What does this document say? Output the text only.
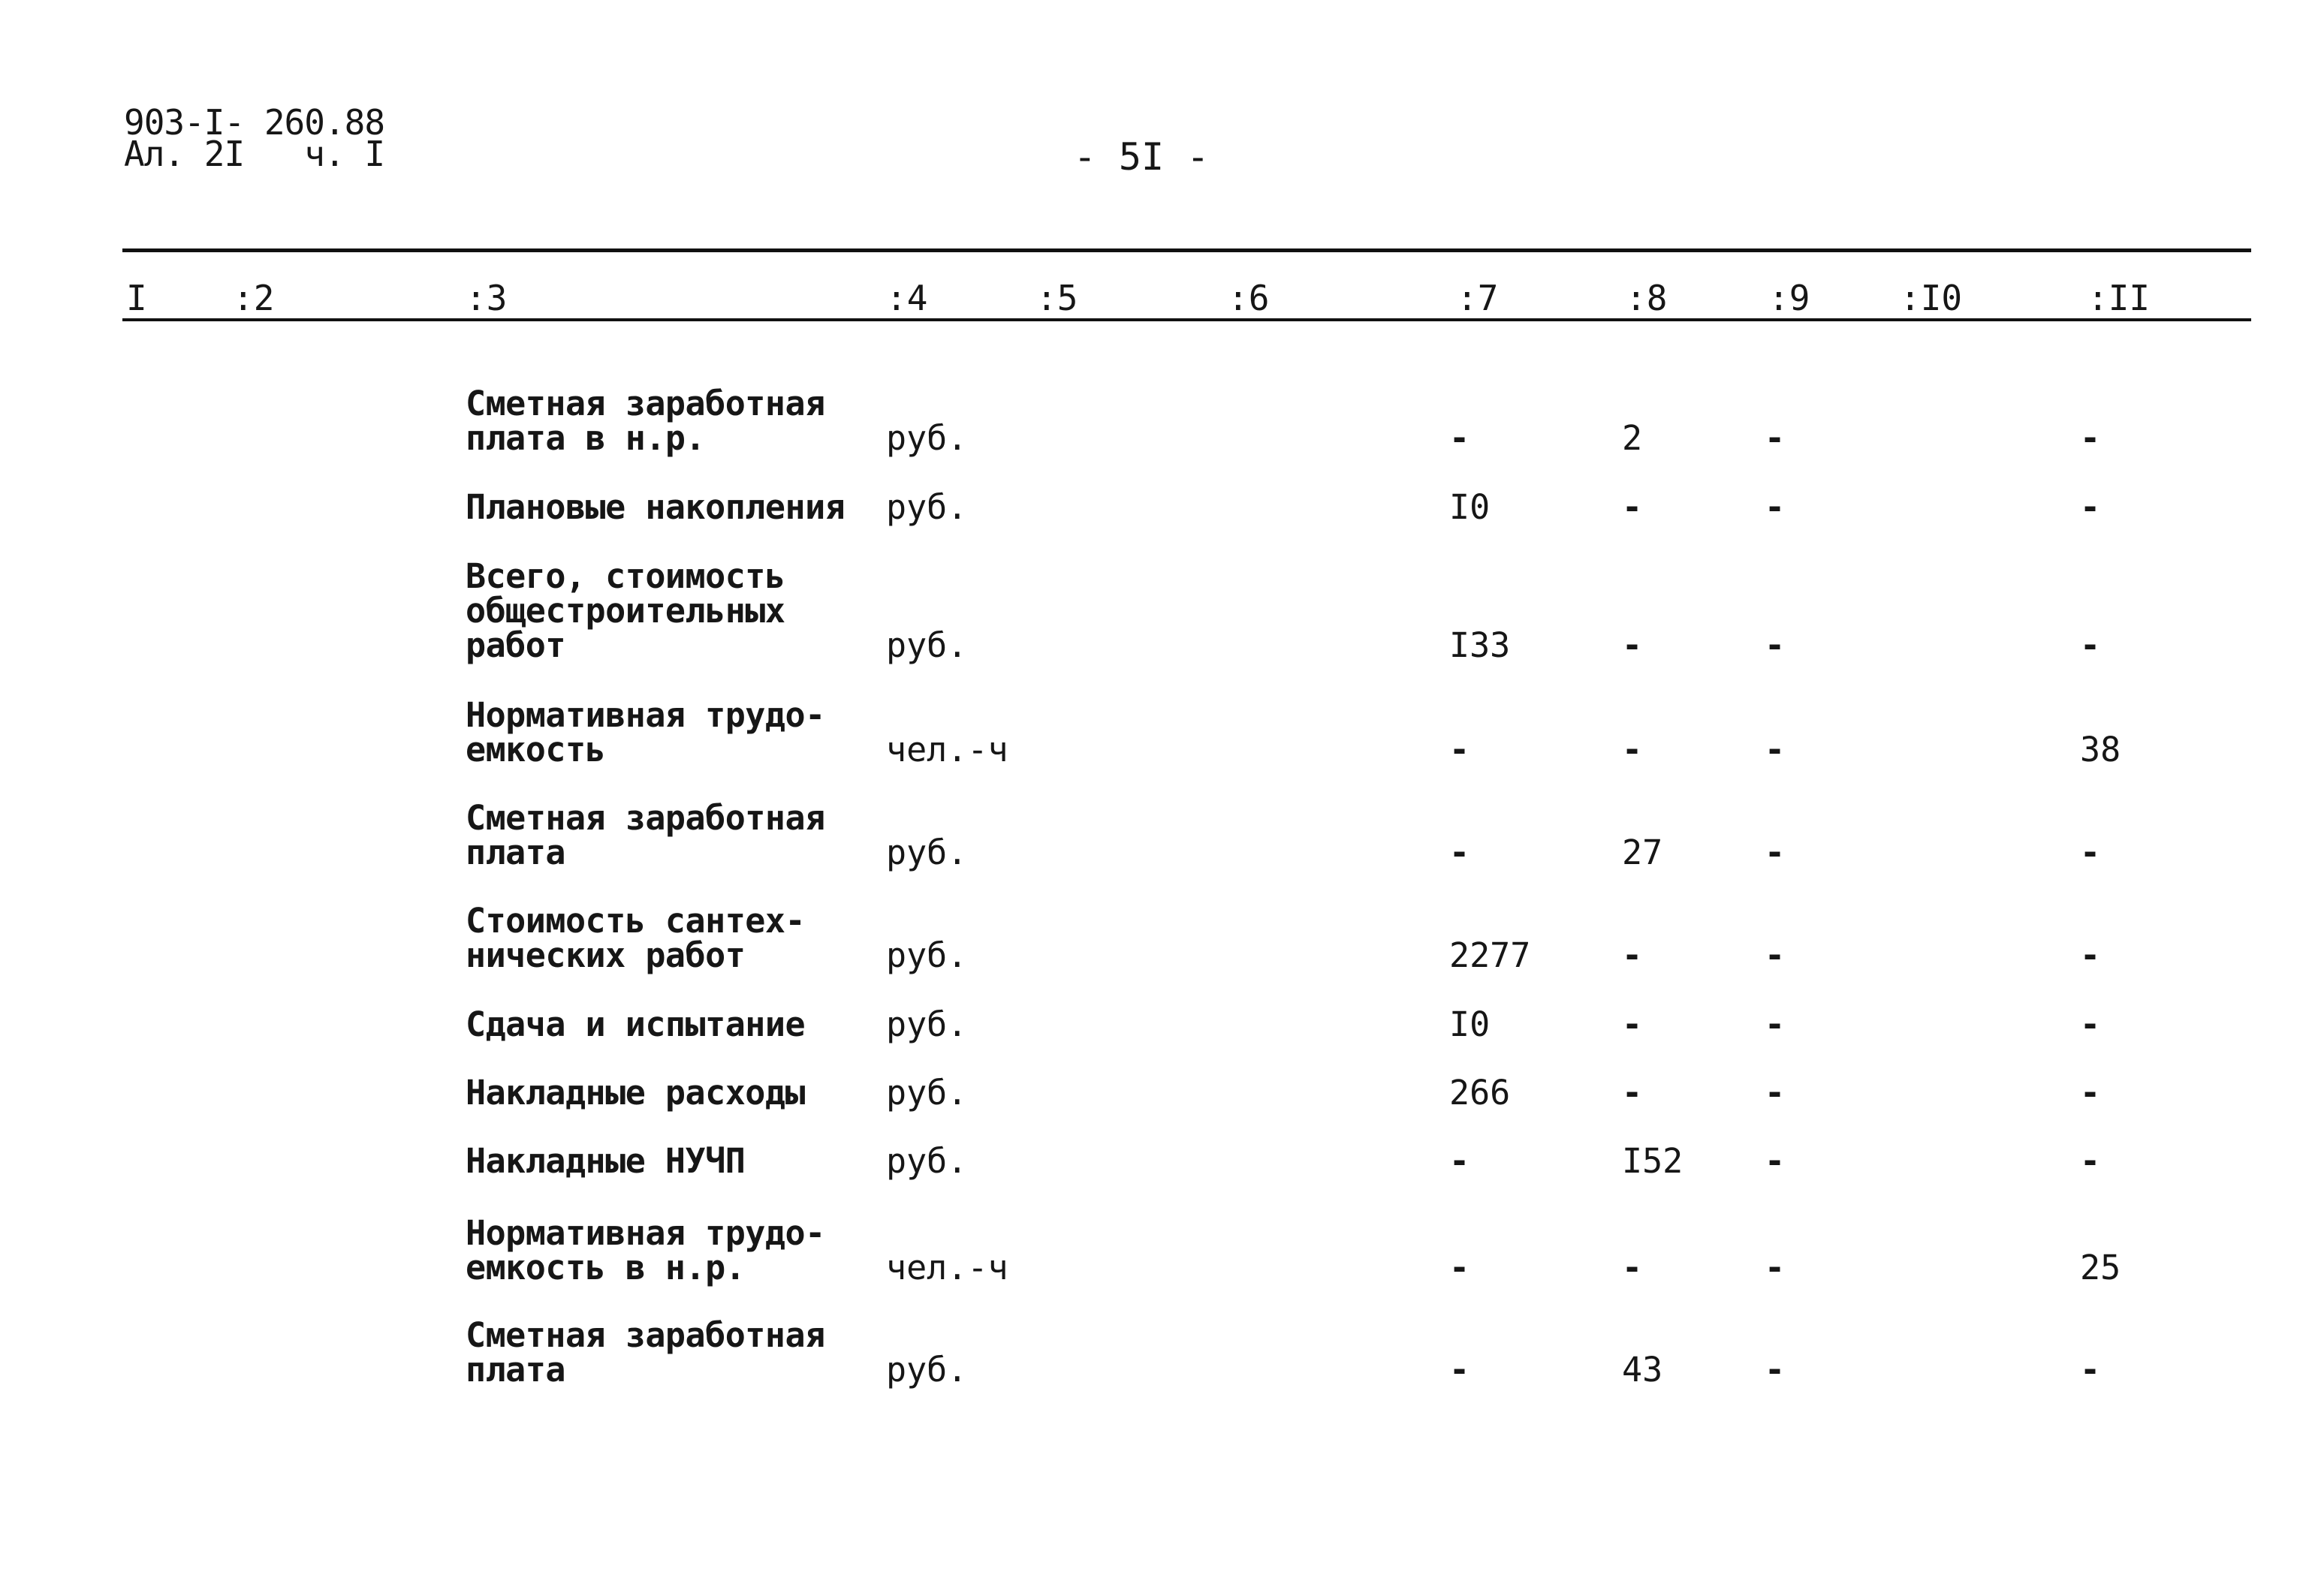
903-I- 260.88
Ал. 2I   ч. I	- 5I -
I :2	:3	:4	:5	:6	:7	:8	:9	:I0	:II
Сметная заработная
плата в н.р.	руб.	-	2	-	-
Плановые накопления руб.	I0	-	-	-
Всего, стоимость
общестроительных
работ	руб.	I33	-	-	-
Нормативная трудо-
емкость	чел.-ч	-	-	-	38
Сметная заработная
плата	руб.	-	27	-	-
Стоимость сантех-
нических работ	руб.	2277	-	-	-
Сдача и испытание руб.	I0	-	-	-
Накладные расходы руб.	266	-	-	-
Накладные НУЧП	руб.	-	I52 -	-
Нормативная трудо-
емкость в н.р.	чел.-ч	-	-	-	25
Сметная заработная
плата	руб.	-	43	-	-
